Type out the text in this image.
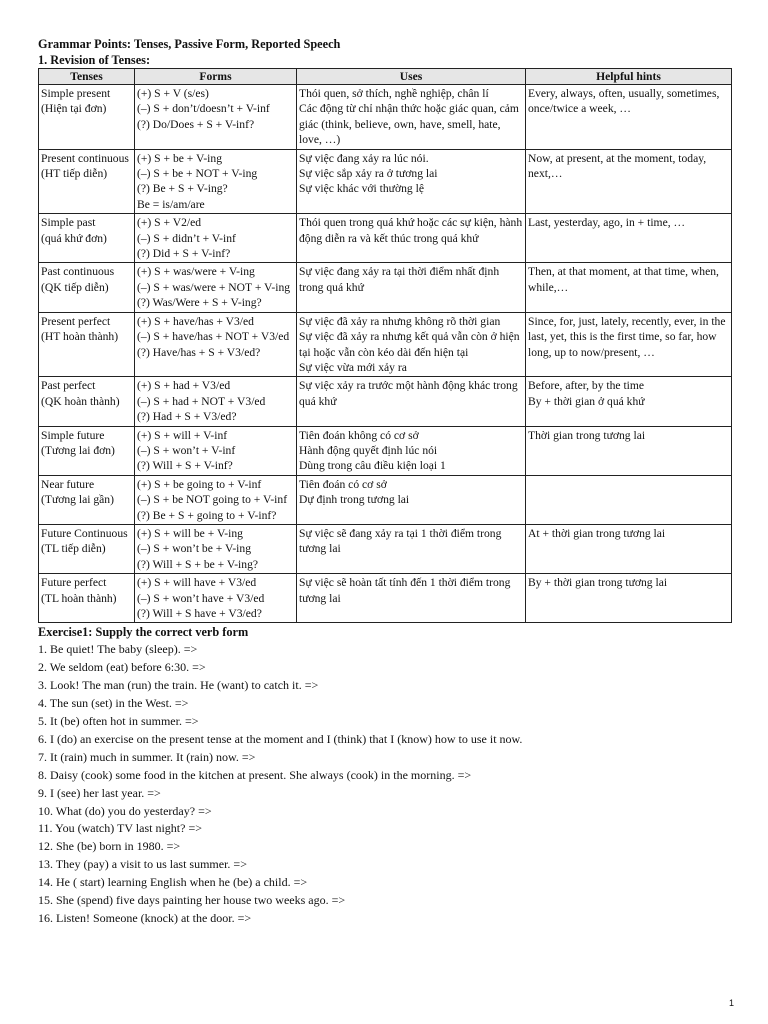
Grammar Points: Tenses, Passive Form, Reported Speech
1. Revision of Tenses:
Tenses	Forms	Uses	Helpful hints

Simple present
(Hiện tại đơn)	(+) S + V (s/es)
(–) S + don’t/doesn’t + V-inf
(?) Do/Does + S + V-inf?	Thói quen, sở thích, nghề nghiệp, chân lí
Các động từ chỉ nhận thức hoặc giác quan, cảm giác (think, believe, own, have, smell, hate, love, …)	Every, always, often, usually, sometimes, once/twice a week, …

Present continuous (HT tiếp diễn)	(+) S + be + V-ing
(–) S + be + NOT + V-ing
(?) Be + S + V-ing?
Be = is/am/are	Sự việc đang xảy ra lúc nói.
Sự việc sắp xảy ra ở tương lai
Sự việc khác với thường lệ	Now, at present, at the moment, today, next,…

Simple past
(quá khứ đơn)	(+) S + V2/ed
(–) S + didn’t + V-inf
(?) Did + S + V-inf?	Thói quen trong quá khứ hoặc các sự kiện, hành động diễn ra và kết thúc trong quá khứ	Last, yesterday, ago, in + time, …

Past continuous
(QK tiếp diễn)	(+) S + was/were + V-ing
(–) S + was/were + NOT + V-ing
(?) Was/Were + S + V-ing?	Sự việc đang xảy ra tại thời điểm nhất định trong quá khứ	Then, at that moment, at that time, when, while,…

Present perfect
(HT hoàn thành)	(+) S + have/has + V3/ed
(–) S + have/has + NOT + V3/ed
(?) Have/has + S + V3/ed?	Sự việc đã xảy ra nhưng không rõ thời gian
Sự việc đã xảy ra nhưng kết quả vẫn còn ở hiện tại hoặc vẫn còn kéo dài đến hiện tại
Sự việc vừa mới xảy ra	Since, for, just, lately, recently, ever, in the last, yet, this is the first time, so far, how long, up to now/present, …

Past perfect
(QK hoàn thành)	(+) S + had + V3/ed
(–) S + had + NOT + V3/ed
(?) Had + S + V3/ed?	Sự việc xảy ra trước một hành động khác trong quá khứ	Before, after, by the time
By + thời gian ở quá khứ

Simple future
(Tương lai đơn)	(+) S + will + V-inf
(–) S + won’t + V-inf
(?) Will + S + V-inf?	Tiên đoán không có cơ sở
Hành động quyết định lúc nói
Dùng trong câu điều kiện loại 1	Thời gian trong tương lai

Near future
(Tương lai gần)	(+) S + be going to + V-inf
(–) S + be NOT going to + V-inf
(?) Be + S + going to + V-inf?	Tiên đoán có cơ sở
Dự định trong tương lai	

Future Continuous
(TL tiếp diễn)	(+) S + will be + V-ing
(–) S + won’t be + V-ing
(?) Will + S + be + V-ing?	Sự việc sẽ đang xảy ra tại 1 thời điểm trong tương lai	At + thời gian trong tương lai

Future perfect
(TL hoàn thành)	(+) S + will have + V3/ed
(–) S + won’t have + V3/ed
(?) Will + S have + V3/ed?	Sự việc sẽ hoàn tất tính đến 1 thời điểm trong tương lai	By + thời gian trong tương lai
Exercise1: Supply the correct verb form
1. Be quiet! The baby (sleep). =>
2. We seldom (eat) before 6:30. =>
3. Look! The man (run) the train. He (want) to catch it. =>
4. The sun (set) in the West. =>
5. It (be) often hot in summer. =>
6. I (do) an exercise on the present tense at the moment and I (think) that I (know) how to use it now.
7. It (rain) much in summer. It (rain) now. =>
8. Daisy (cook) some food in the kitchen at present. She always (cook) in the morning. =>
9. I (see) her last year. =>
10. What (do) you do yesterday? =>
11. You (watch) TV last night? =>
12. She (be) born in 1980. =>
13. They (pay) a visit to us last summer. =>
14. He ( start) learning English when he (be) a child. =>
15. She (spend) five days painting her house two weeks ago. =>
16. Listen! Someone (knock) at the door. =>
1
